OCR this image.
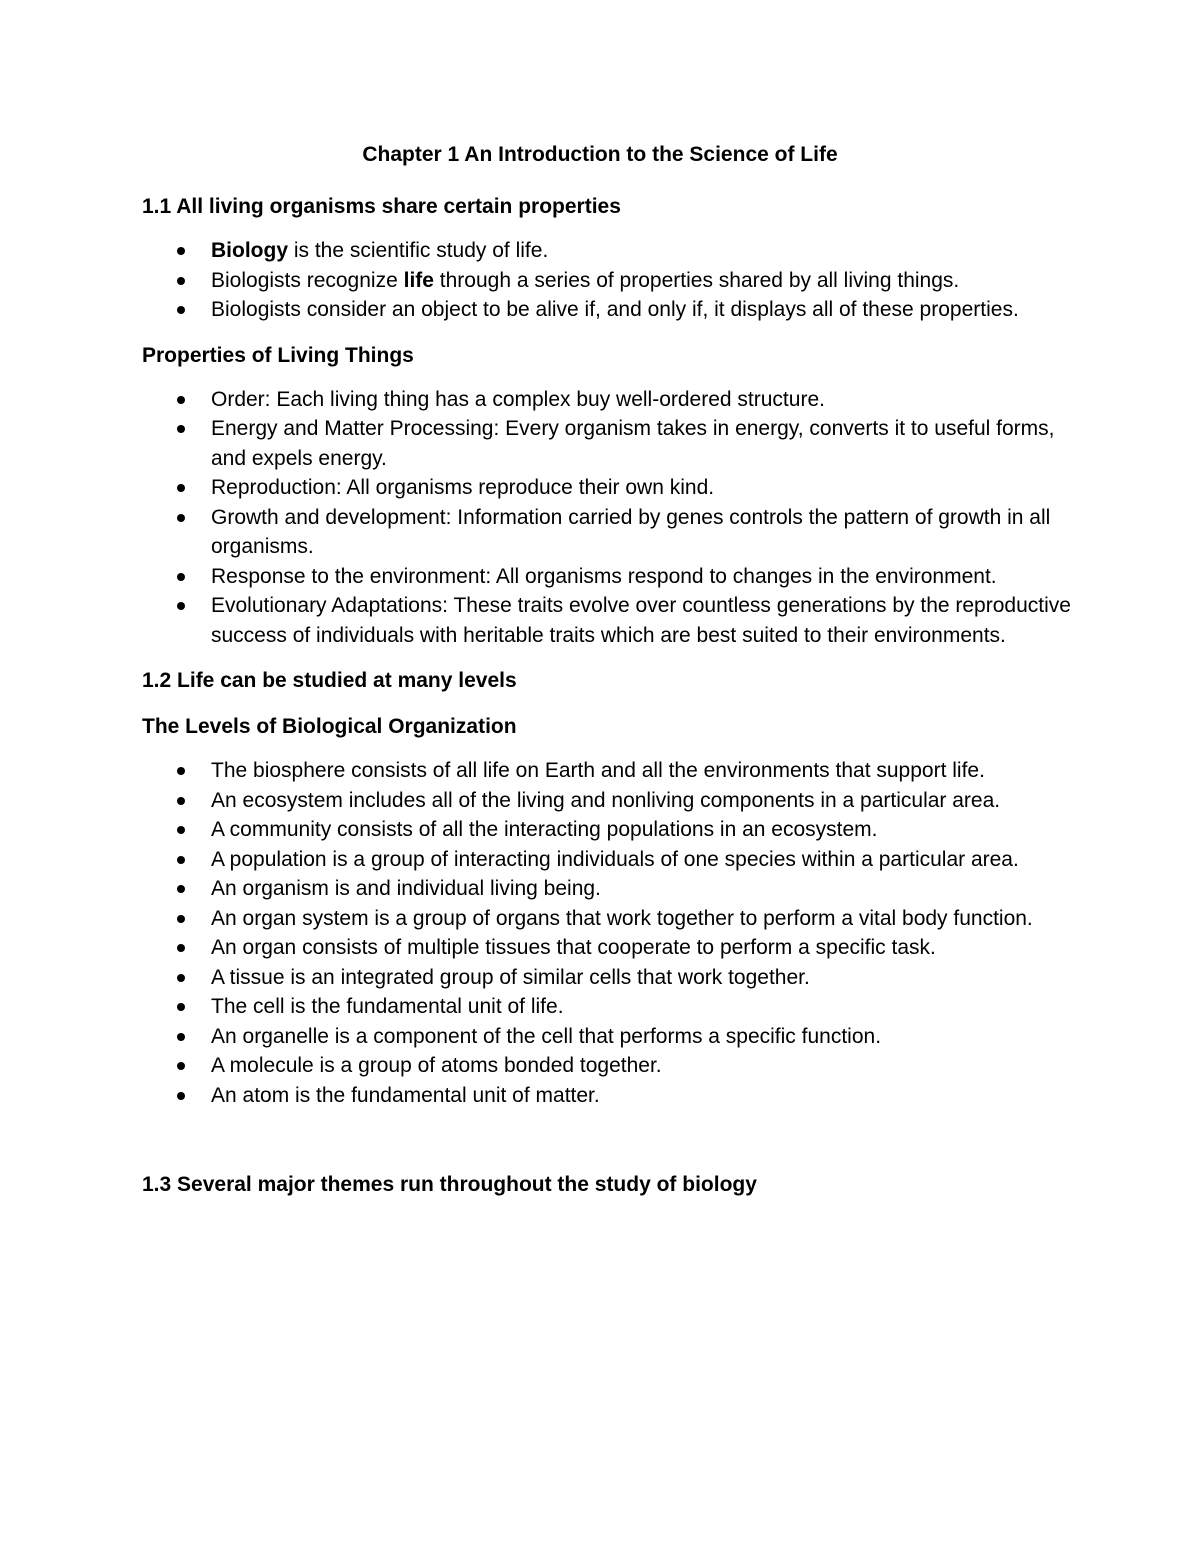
Chapter 1 An Introduction to the Science of Life
1.1 All living organisms share certain properties
Biology is the scientific study of life.
Biologists recognize life through a series of properties shared by all living things.
Biologists consider an object to be alive if, and only if, it displays all of these properties.
Properties of Living Things
Order: Each living thing has a complex buy well-ordered structure.
Energy and Matter Processing: Every organism takes in energy, converts it to useful forms, and expels energy.
Reproduction: All organisms reproduce their own kind.
Growth and development: Information carried by genes controls the pattern of growth in all organisms.
Response to the environment: All organisms respond to changes in the environment.
Evolutionary Adaptations: These traits evolve over countless generations by the reproductive success of individuals with heritable traits which are best suited to their environments.
1.2 Life can be studied at many levels
The Levels of Biological Organization
The biosphere consists of all life on Earth and all the environments that support life.
An ecosystem includes all of the living and nonliving components in a particular area.
A community consists of all the interacting populations in an ecosystem.
A population is a group of interacting individuals of one species within a particular area.
An organism is and individual living being.
An organ system is a group of organs that work together to perform a vital body function.
An organ consists of multiple tissues that cooperate to perform a specific task.
A tissue is an integrated group of similar cells that work together.
The cell is the fundamental unit of life.
An organelle is a component of the cell that performs a specific function.
A molecule is a group of atoms bonded together.
An atom is the fundamental unit of matter.
1.3 Several major themes run throughout the study of biology
